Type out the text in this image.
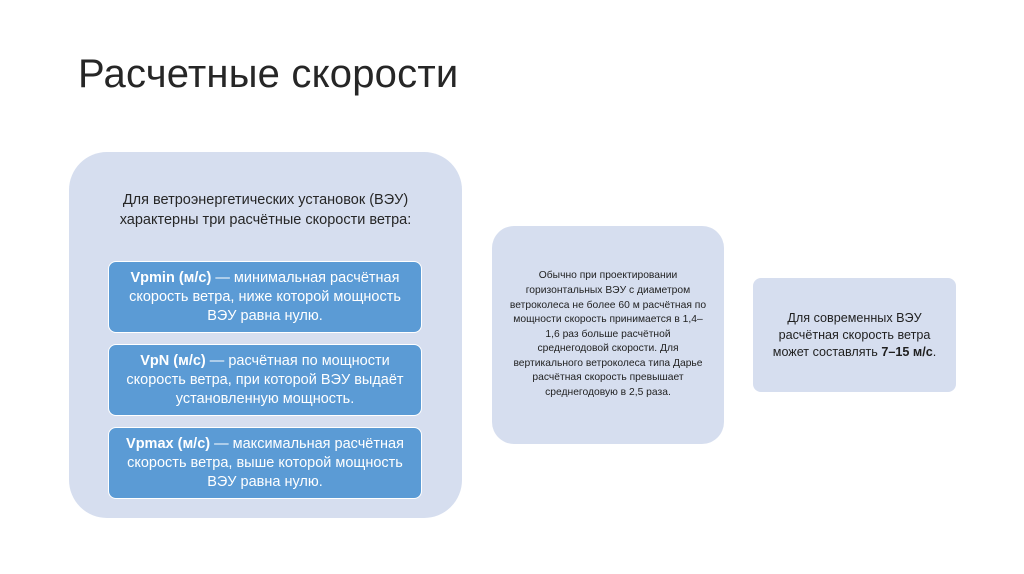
Расчетные скорости
Для ветроэнергетических установок (ВЭУ)
характерны три расчётные скорости ветра:
Vpmin (м/с) — минимальная расчётная
скорость ветра, ниже которой мощность
ВЭУ равна нулю.
VpN (м/с) — расчётная по мощности
скорость ветра, при которой ВЭУ выдаёт
установленную мощность.
Vpmax (м/с) — максимальная расчётная
скорость ветра, выше которой мощность
ВЭУ равна нулю.
Обычно при проектировании
горизонтальных ВЭУ с диаметром
ветроколеса не более 60 м расчётная по
мощности скорость принимается в 1,4–
1,6 раз больше расчётной
среднегодовой скорости. Для
вертикального ветроколеса типа Дарье
расчётная скорость превышает
среднегодовую в 2,5 раза.
Для современных ВЭУ
расчётная скорость ветра
может составлять 7–15 м/с.
